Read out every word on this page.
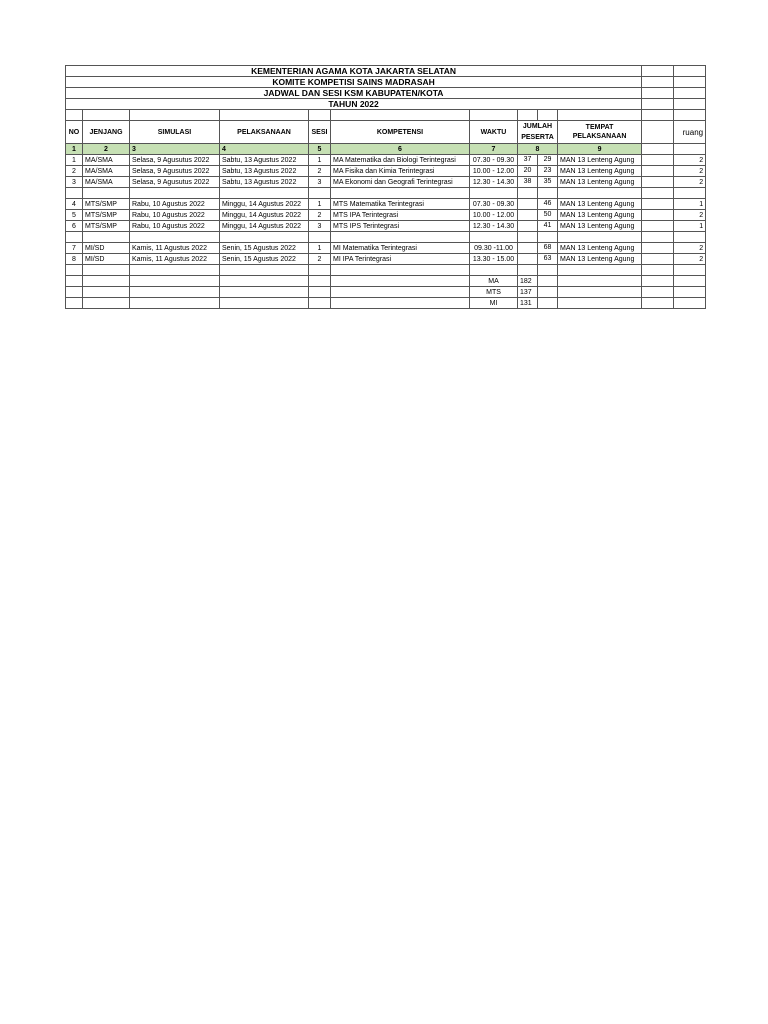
KEMENTERIAN AGAMA KOTA JAKARTA SELATAN											
KOMITE KOMPETISI SAINS MADRASAH											
JADWAL DAN SESI KSM KABUPATEN/KOTA											
TAHUN 2022											

NO	JENJANG	SIMULASI	PELAKSANAAN	SESI	KOMPETENSI	WAKTU	JUMLAH PESERTA		TEMPAT PELAKSANAAN		ruang
1	2	3	4	5	6	7	8		9		
1	MA/SMA	Selasa, 9 Agusutus 2022	Sabtu, 13 Agustus 2022	1	MA Matematika dan Biologi Terintegrasi	07.30 - 09.30	37	29	MAN 13 Lenteng Agung		2
2	MA/SMA	Selasa, 9 Agusutus 2022	Sabtu, 13 Agustus 2022	2	MA Fisika dan Kimia Terintegrasi	10.00 - 12.00	20	23	MAN 13 Lenteng Agung		2
3	MA/SMA	Selasa, 9 Agusutus 2022	Sabtu, 13 Agustus 2022	3	MA Ekonomi dan Geografi Terintegrasi	12.30 - 14.30	38	35	MAN 13 Lenteng Agung		2

4	MTS/SMP	Rabu, 10 Agustus 2022	Minggu, 14 Agustus 2022	1	MTS Matematika Terintegrasi	07.30 - 09.30		46	MAN 13 Lenteng Agung		1
5	MTS/SMP	Rabu, 10 Agustus 2022	Minggu, 14 Agustus 2022	2	MTS IPA Terintegrasi	10.00 - 12.00		50	MAN 13 Lenteng Agung		2
6	MTS/SMP	Rabu, 10 Agustus 2022	Minggu, 14 Agustus 2022	3	MTS IPS Terintegrasi	12.30 - 14.30		41	MAN 13 Lenteng Agung		1

7	MI/SD	Kamis, 11 Agustus 2022	Senin, 15 Agustus 2022	1	MI Matematika Terintegrasi	09.30 -11.00		68	MAN 13 Lenteng Agung		2
8	MI/SD	Kamis, 11 Agustus 2022	Senin, 15 Agustus 2022	2	MI IPA Terintegrasi	13.30 - 15.00		63	MAN 13 Lenteng Agung		2

						MA	182				
						MTS	137				
						MI	131				
